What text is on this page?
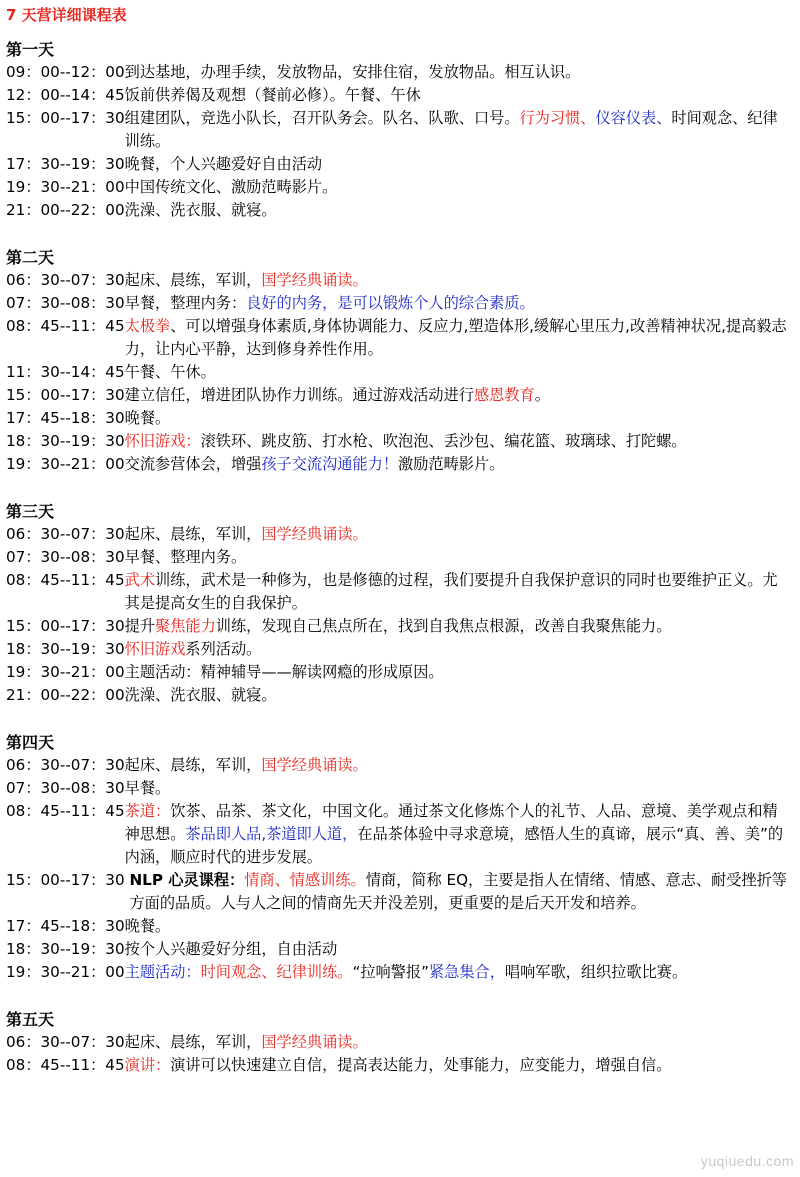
7 天营详细课程表
第一天
09：00--12：00 到达基地，办理手续，发放物品，安排住宿，发放物品。相互认识。
12：00--14：45 饭前供养偈及观想（餐前必修）。午餐、午休
15：00--17：30 组建团队，竞选小队长，召开队务会。队名、队歌、口号。行为习惯、仪容仪表、时间观念、纪律训练。
17：30--19：30 晚餐，个人兴趣爱好自由活动
19：30--21：00 中国传统文化、激励范畴影片。
21：00--22：00 洗澡、洗衣服、就寝。
第二天
06：30--07：30 起床、晨练，军训，国学经典诵读。
07：30--08：30 早餐，整理内务：良好的内务，是可以锻炼个人的综合素质。
08：45--11：45 太极拳、可以增强身体素质,身体协调能力、反应力,塑造体形,缓解心里压力,改善精神状况,提高毅志力，让内心平静，达到修身养性作用。
11：30--14：45 午餐、午休。
15：00--17：30 建立信任，增进团队协作力训练。通过游戏活动进行感恩教育。
17：45--18：30 晚餐。
18：30--19：30 怀旧游戏：滚铁环、跳皮筋、打水枪、吹泡泡、丢沙包、编花篮、玻璃球、打陀螺。
19：30--21：00 交流参营体会，增强孩子交流沟通能力！激励范畴影片。
第三天
06：30--07：30 起床、晨练，军训，国学经典诵读。
07：30--08：30 早餐、整理内务。
08：45--11：45 武术训练，武术是一种修为，也是修德的过程，我们要提升自我保护意识的同时也要维护正义。尤其是提高女生的自我保护。
15：00--17：30 提升聚焦能力训练，发现自己焦点所在，找到自我焦点根源，改善自我聚焦能力。
18：30--19：30 怀旧游戏系列活动。
19：30--21：00 主题活动：精神辅导——解读网瘾的形成原因。
21：00--22：00 洗澡、洗衣服、就寝。
第四天
06：30--07：30 起床、晨练，军训，国学经典诵读。
07：30--08：30 早餐。
08：45--11：45 茶道：饮茶、品茶、茶文化，中国文化。通过茶文化修炼个人的礼节、人品、意境、美学观点和精神思想。茶品即人品,茶道即人道，在品茶体验中寻求意境，感悟人生的真谛，展示“真、善、美”的内涵，顺应时代的进步发展。
15：00--17：30 NLP 心灵课程：情商、情感训练。情商，简称 EQ，主要是指人在情绪、情感、意志、耐受挫折等方面的品质。人与人之间的情商先天并没差别，更重要的是后天开发和培养。
17：45--18：30 晚餐。
18：30--19：30 按个人兴趣爱好分组，自由活动
19：30--21：00 主题活动：时间观念、纪律训练。“拉响警报”紧急集合，唱响军歌，组织拉歌比赛。
第五天
06：30--07：30 起床、晨练，军训，国学经典诵读。
08：45--11：45 演讲：演讲可以快速建立自信，提高表达能力，处事能力，应变能力，增强自信。
yuqiuedu.com
